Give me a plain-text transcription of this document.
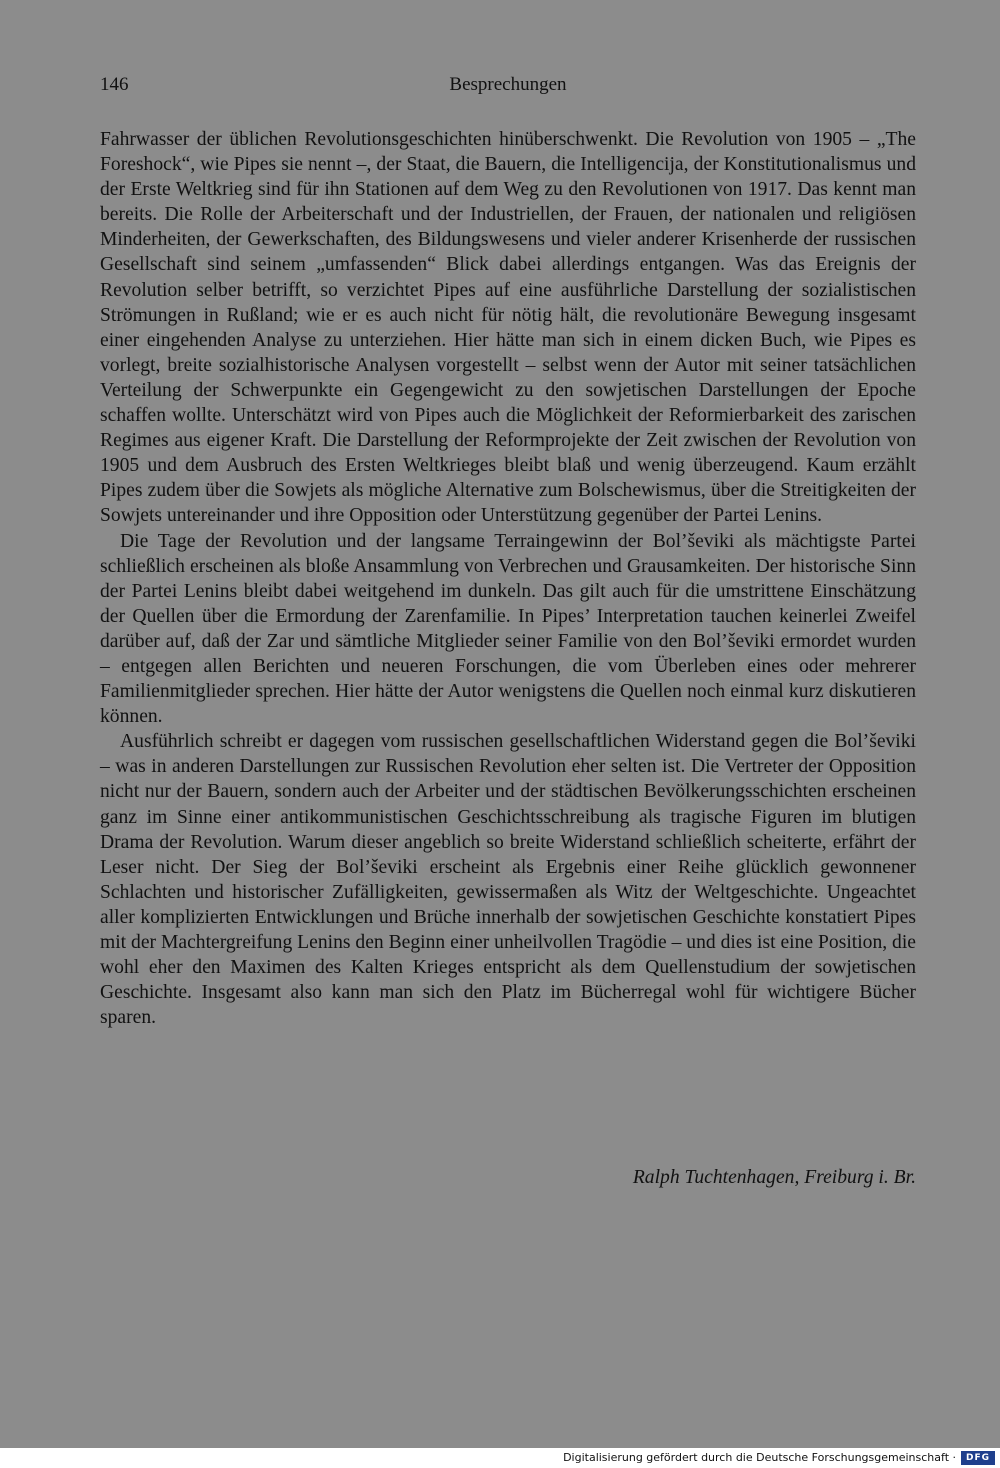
146	Besprechungen

Fahrwasser der üblichen Revolutionsgeschichten hinüberschwenkt. Die Revolution von 1905 – „The Foreshock“, wie Pipes sie nennt –, der Staat, die Bauern, die Intelligencija, der Konstitutionalismus und der Erste Weltkrieg sind für ihn Stationen auf dem Weg zu den Revolutionen von 1917. Das kennt man bereits. Die Rolle der Arbeiterschaft und der Industriellen, der Frauen, der nationalen und religiösen Minderheiten, der Gewerkschaften, des Bildungswesens und vieler anderer Krisenherde der russischen Gesellschaft sind seinem „umfassenden“ Blick dabei allerdings entgangen. Was das Ereignis der Revolution selber betrifft, so verzichtet Pipes auf eine ausführliche Darstellung der sozialistischen Strömungen in Rußland; wie er es auch nicht für nötig hält, die revolutionäre Bewegung insgesamt einer eingehenden Analyse zu unterziehen. Hier hätte man sich in einem dicken Buch, wie Pipes es vorlegt, breite sozialhistorische Analysen vorgestellt – selbst wenn der Autor mit seiner tatsächlichen Verteilung der Schwerpunkte ein Gegengewicht zu den sowjetischen Darstellungen der Epoche schaffen wollte. Unterschätzt wird von Pipes auch die Möglichkeit der Reformierbarkeit des zarischen Regimes aus eigener Kraft. Die Darstellung der Reformprojekte der Zeit zwischen der Revolution von 1905 und dem Ausbruch des Ersten Weltkrieges bleibt blaß und wenig überzeugend. Kaum erzählt Pipes zudem über die Sowjets als mögliche Alternative zum Bolschewismus, über die Streitigkeiten der Sowjets untereinander und ihre Opposition oder Unterstützung gegenüber der Partei Lenins.

Die Tage der Revolution und der langsame Terraingewinn der Bol’ševiki als mächtigste Partei schließlich erscheinen als bloße Ansammlung von Verbrechen und Grausamkeiten. Der historische Sinn der Partei Lenins bleibt dabei weitgehend im dunkeln. Das gilt auch für die umstrittene Einschätzung der Quellen über die Ermordung der Zarenfamilie. In Pipes’ Interpretation tauchen keinerlei Zweifel darüber auf, daß der Zar und sämtliche Mitglieder seiner Familie von den Bol’ševiki ermordet wurden – entgegen allen Berichten und neueren Forschungen, die vom Überleben eines oder mehrerer Familienmitglieder sprechen. Hier hätte der Autor wenigstens die Quellen noch einmal kurz diskutieren können.

Ausführlich schreibt er dagegen vom russischen gesellschaftlichen Widerstand gegen die Bol’ševiki – was in anderen Darstellungen zur Russischen Revolution eher selten ist. Die Vertreter der Opposition nicht nur der Bauern, sondern auch der Arbeiter und der städtischen Bevölkerungsschichten erscheinen ganz im Sinne einer antikommunistischen Geschichtsschreibung als tragische Figuren im blutigen Drama der Revolution. Warum dieser angeblich so breite Widerstand schließlich scheiterte, erfährt der Leser nicht. Der Sieg der Bol’ševiki erscheint als Ergebnis einer Reihe glücklich gewonnener Schlachten und historischer Zufälligkeiten, gewissermaßen als Witz der Weltgeschichte. Ungeachtet aller komplizierten Entwicklungen und Brüche innerhalb der sowjetischen Geschichte konstatiert Pipes mit der Machtergreifung Lenins den Beginn einer unheilvollen Tragödie – und dies ist eine Position, die wohl eher den Maximen des Kalten Krieges entspricht als dem Quellenstudium der sowjetischen Geschichte. Insgesamt also kann man sich den Platz im Bücherregal wohl für wichtigere Bücher sparen.

Ralph Tuchtenhagen, Freiburg i. Br.
Digitalisierung gefördert durch die Deutsche Forschungsgemeinschaft ·	DFG
